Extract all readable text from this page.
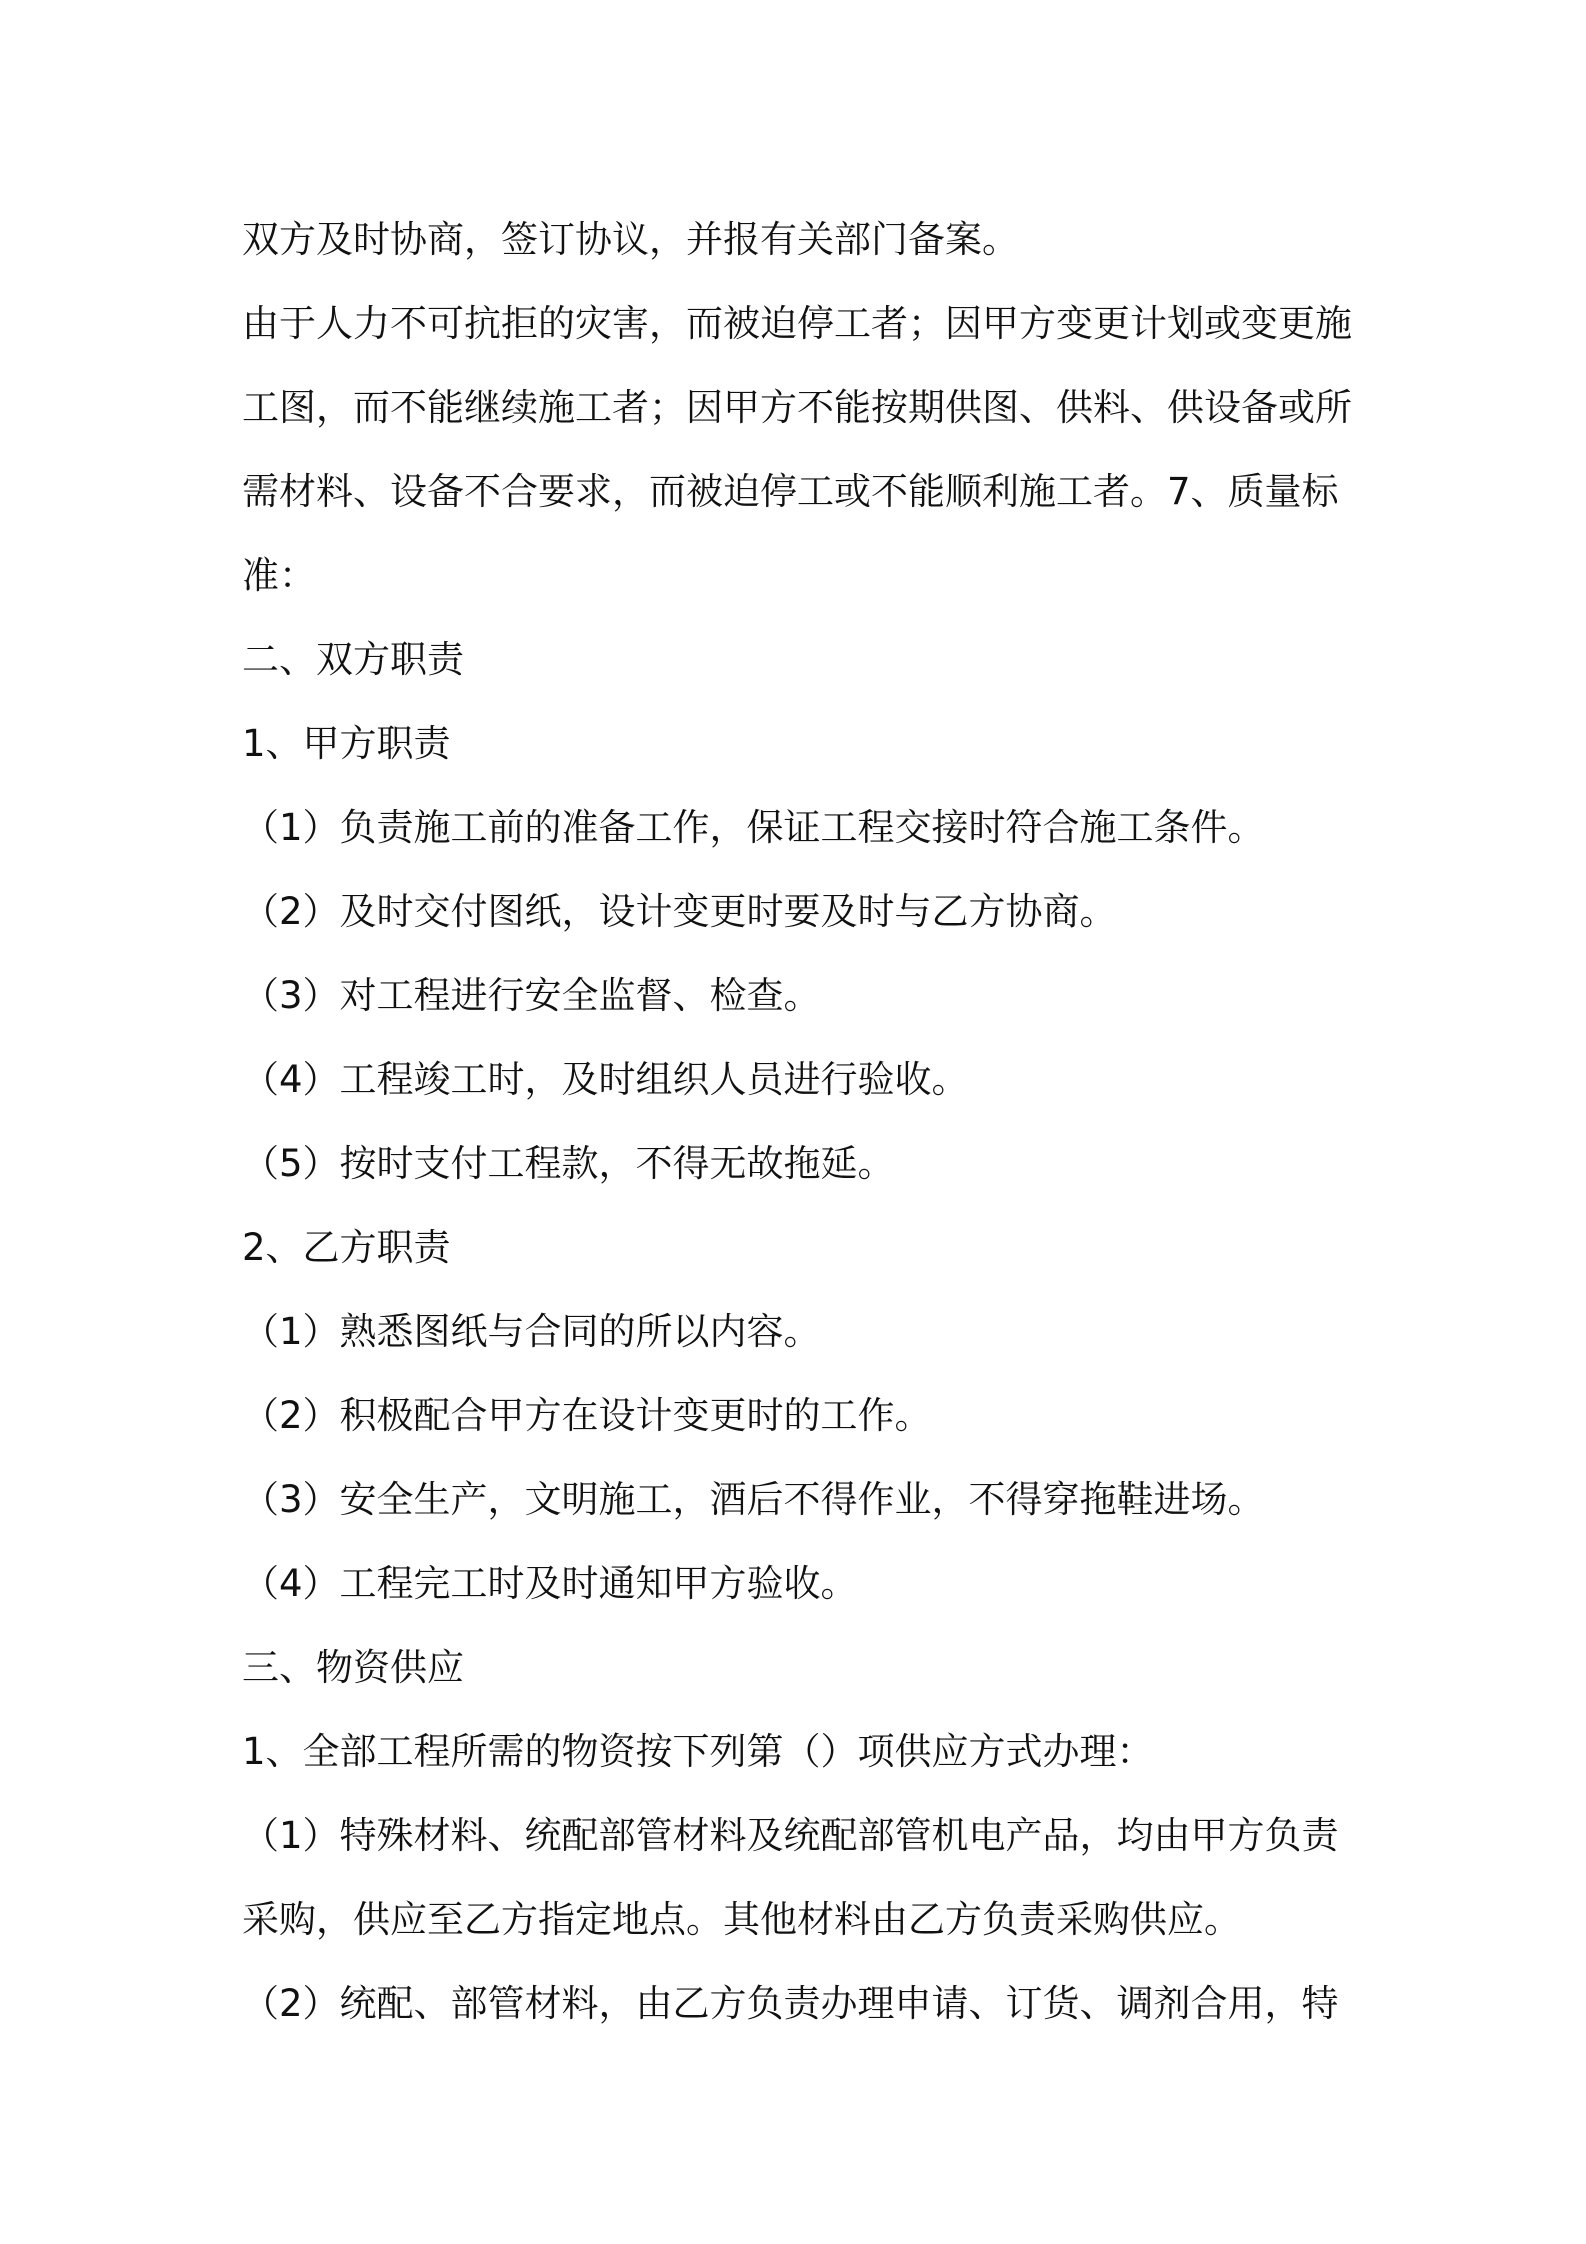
双方及时协商，签订协议，并报有关部门备案。

由于人力不可抗拒的灾害，而被迫停工者；因甲方变更计划或变更施

工图，而不能继续施工者；因甲方不能按期供图、供料、供设备或所

需材料、设备不合要求，而被迫停工或不能顺利施工者。7、质量标

准：

二、双方职责

1、甲方职责

（1）负责施工前的准备工作，保证工程交接时符合施工条件。

（2）及时交付图纸，设计变更时要及时与乙方协商。

（3）对工程进行安全监督、检查。

（4）工程竣工时，及时组织人员进行验收。

（5）按时支付工程款，不得无故拖延。

2、乙方职责

（1）熟悉图纸与合同的所以内容。

（2）积极配合甲方在设计变更时的工作。

（3）安全生产，文明施工，酒后不得作业，不得穿拖鞋进场。

（4）工程完工时及时通知甲方验收。

三、物资供应

1、全部工程所需的物资按下列第（）项供应方式办理：

（1）特殊材料、统配部管材料及统配部管机电产品，均由甲方负责

采购，供应至乙方指定地点。其他材料由乙方负责采购供应。

（2）统配、部管材料，由乙方负责办理申请、订货、调剂合用，特
